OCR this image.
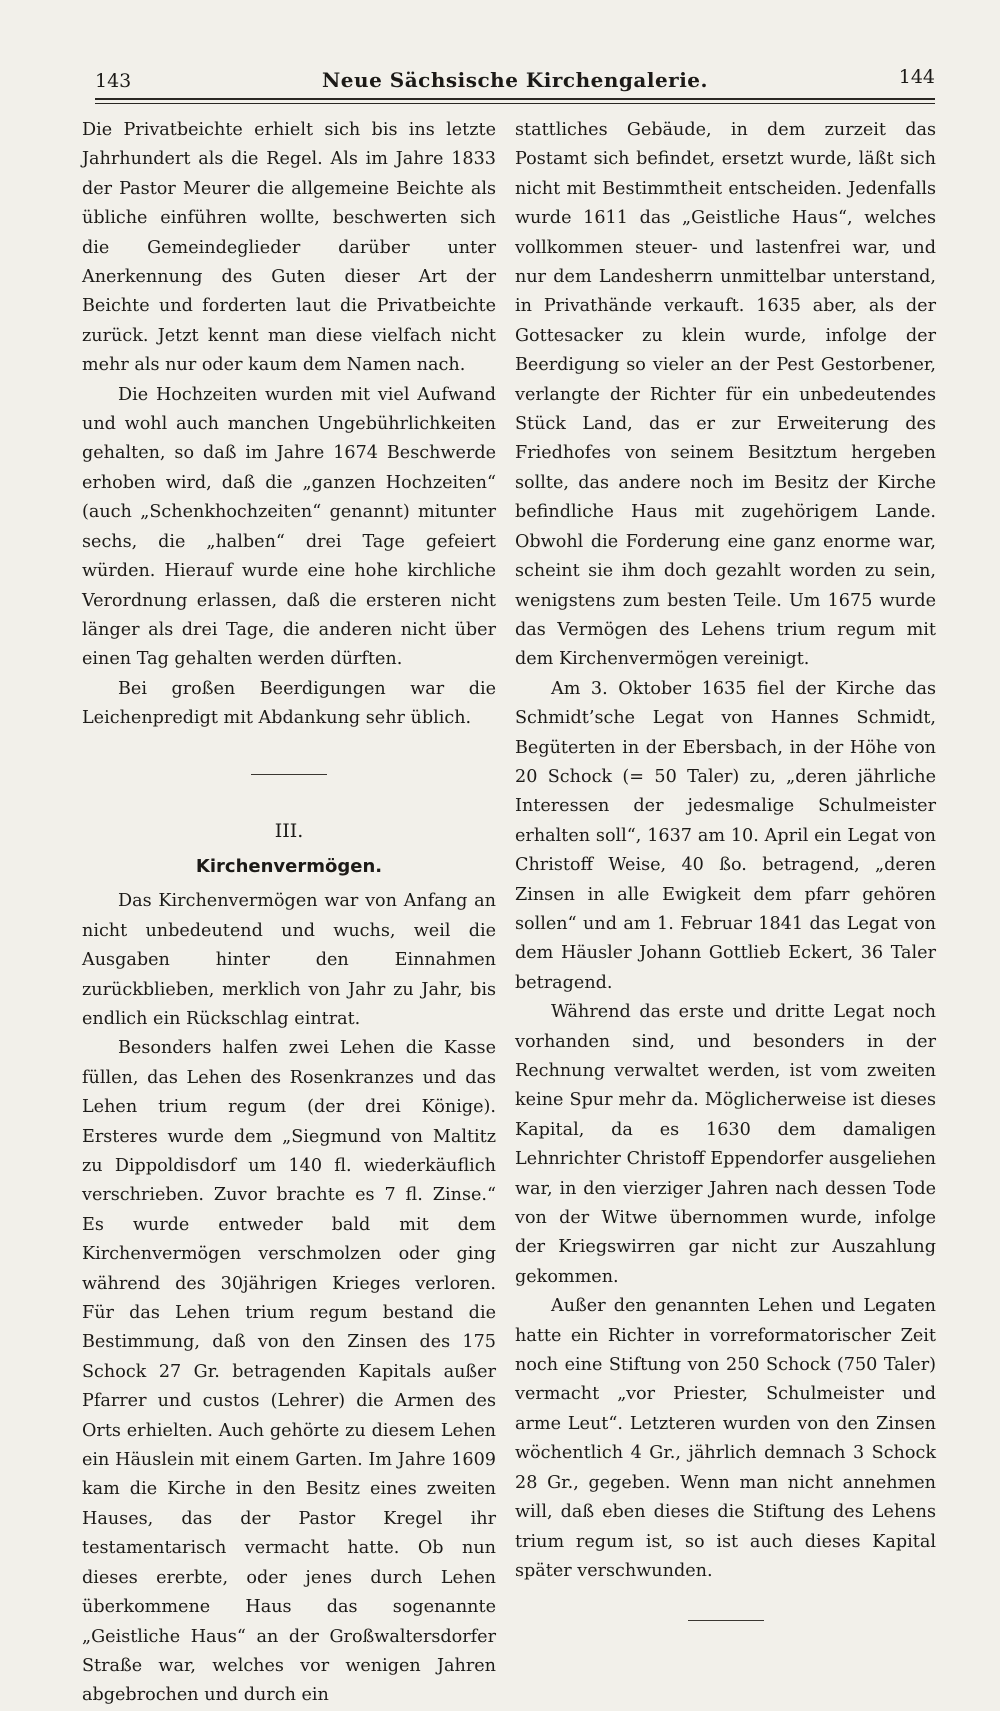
143	Neue Sächsische Kirchengalerie.	144

Die Privatbeichte erhielt sich bis ins letzte Jahrhundert als die Regel. Als im Jahre 1833 der Pastor Meurer die allgemeine Beichte als übliche einführen wollte, beschwerten sich die Gemeindeglieder darüber unter Anerkennung des Guten dieser Art der Beichte und forderten laut die Privatbeichte zurück. Jetzt kennt man diese vielfach nicht mehr als nur oder kaum dem Namen nach.

Die Hochzeiten wurden mit viel Aufwand und wohl auch manchen Ungebührlichkeiten gehalten, so daß im Jahre 1674 Beschwerde erhoben wird, daß die „ganzen Hochzeiten“ (auch „Schenkhochzeiten“ genannt) mitunter sechs, die „halben“ drei Tage gefeiert würden. Hierauf wurde eine hohe kirchliche Verordnung erlassen, daß die ersteren nicht länger als drei Tage, die anderen nicht über einen Tag gehalten werden dürften.

Bei großen Beerdigungen war die Leichenpredigt mit Abdankung sehr üblich.

III.
Kirchenvermögen.

Das Kirchenvermögen war von Anfang an nicht unbedeutend und wuchs, weil die Ausgaben hinter den Einnahmen zurückblieben, merklich von Jahr zu Jahr, bis endlich ein Rückschlag eintrat.

Besonders halfen zwei Lehen die Kasse füllen, das Lehen des Rosenkranzes und das Lehen trium regum (der drei Könige). Ersteres wurde dem „Siegmund von Maltitz zu Dippoldisdorf um 140 fl. wiederkäuflich verschrieben. Zuvor brachte es 7 fl. Zinse.“ Es wurde entweder bald mit dem Kirchenvermögen verschmolzen oder ging während des 30jährigen Krieges verloren. Für das Lehen trium regum bestand die Bestimmung, daß von den Zinsen des 175 Schock 27 Gr. betragenden Kapitals außer Pfarrer und custos (Lehrer) die Armen des Orts erhielten. Auch gehörte zu diesem Lehen ein Häuslein mit einem Garten. Im Jahre 1609 kam die Kirche in den Besitz eines zweiten Hauses, das der Pastor Kregel ihr testamentarisch vermacht hatte. Ob nun dieses ererbte, oder jenes durch Lehen überkommene Haus das sogenannte „Geistliche Haus“ an der Großwaltersdorfer Straße war, welches vor wenigen Jahren abgebrochen und durch ein

stattliches Gebäude, in dem zurzeit das Postamt sich befindet, ersetzt wurde, läßt sich nicht mit Bestimmtheit entscheiden. Jedenfalls wurde 1611 das „Geistliche Haus“, welches vollkommen steuer- und lastenfrei war, und nur dem Landesherrn unmittelbar unterstand, in Privathände verkauft. 1635 aber, als der Gottesacker zu klein wurde, infolge der Beerdigung so vieler an der Pest Gestorbener, verlangte der Richter für ein unbedeutendes Stück Land, das er zur Erweiterung des Friedhofes von seinem Besitztum hergeben sollte, das andere noch im Besitz der Kirche befindliche Haus mit zugehörigem Lande. Obwohl die Forderung eine ganz enorme war, scheint sie ihm doch gezahlt worden zu sein, wenigstens zum besten Teile. Um 1675 wurde das Vermögen des Lehens trium regum mit dem Kirchenvermögen vereinigt.

Am 3. Oktober 1635 fiel der Kirche das Schmidt’sche Legat von Hannes Schmidt, Begüterten in der Ebersbach, in der Höhe von 20 Schock (= 50 Taler) zu, „deren jährliche Interessen der jedesmalige Schulmeister erhalten soll“, 1637 am 10. April ein Legat von Christoff Weise, 40 ßo. betragend, „deren Zinsen in alle Ewigkeit dem pfarr gehören sollen“ und am 1. Februar 1841 das Legat von dem Häusler Johann Gottlieb Eckert, 36 Taler betragend.

Während das erste und dritte Legat noch vorhanden sind, und besonders in der Rechnung verwaltet werden, ist vom zweiten keine Spur mehr da. Möglicherweise ist dieses Kapital, da es 1630 dem damaligen Lehnrichter Christoff Eppendorfer ausgeliehen war, in den vierziger Jahren nach dessen Tode von der Witwe übernommen wurde, infolge der Kriegswirren gar nicht zur Auszahlung gekommen.

Außer den genannten Lehen und Legaten hatte ein Richter in vorreformatorischer Zeit noch eine Stiftung von 250 Schock (750 Taler) vermacht „vor Priester, Schulmeister und arme Leut“. Letzteren wurden von den Zinsen wöchentlich 4 Gr., jährlich demnach 3 Schock 28 Gr., gegeben. Wenn man nicht annehmen will, daß eben dieses die Stiftung des Lehens trium regum ist, so ist auch dieses Kapital später verschwunden.
